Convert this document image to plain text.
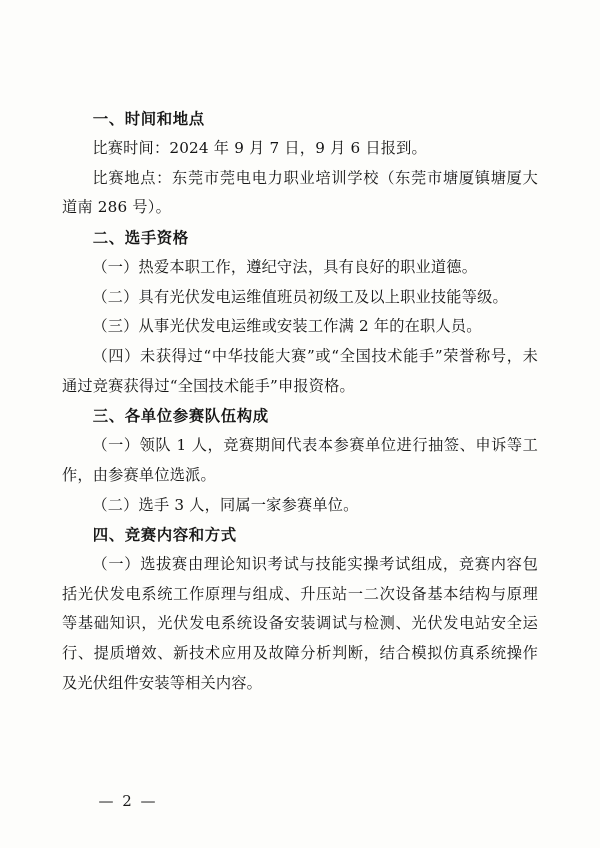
一、时间和地点

比赛时间：2024 年 9 月 7 日，9 月 6 日报到。

比赛地点：东莞市莞电电力职业培训学校（东莞市塘厦镇塘厦大道南 286 号）。

二、选手资格

（一）热爱本职工作，遵纪守法，具有良好的职业道德。

（二）具有光伏发电运维值班员初级工及以上职业技能等级。

（三）从事光伏发电运维或安装工作满 2 年的在职人员。

（四）未获得过“中华技能大赛”或“全国技术能手”荣誉称号，未通过竞赛获得过“全国技术能手”申报资格。

三、各单位参赛队伍构成

（一）领队 1 人，竞赛期间代表本参赛单位进行抽签、申诉等工作，由参赛单位选派。

（二）选手 3 人，同属一家参赛单位。

四、竞赛内容和方式

（一）选拔赛由理论知识考试与技能实操考试组成，竞赛内容包括光伏发电系统工作原理与组成、升压站一二次设备基本结构与原理等基础知识，光伏发电系统设备安装调试与检测、光伏发电站安全运行、提质增效、新技术应用及故障分析判断，结合模拟仿真系统操作及光伏组件安装等相关内容。

— 2 —
